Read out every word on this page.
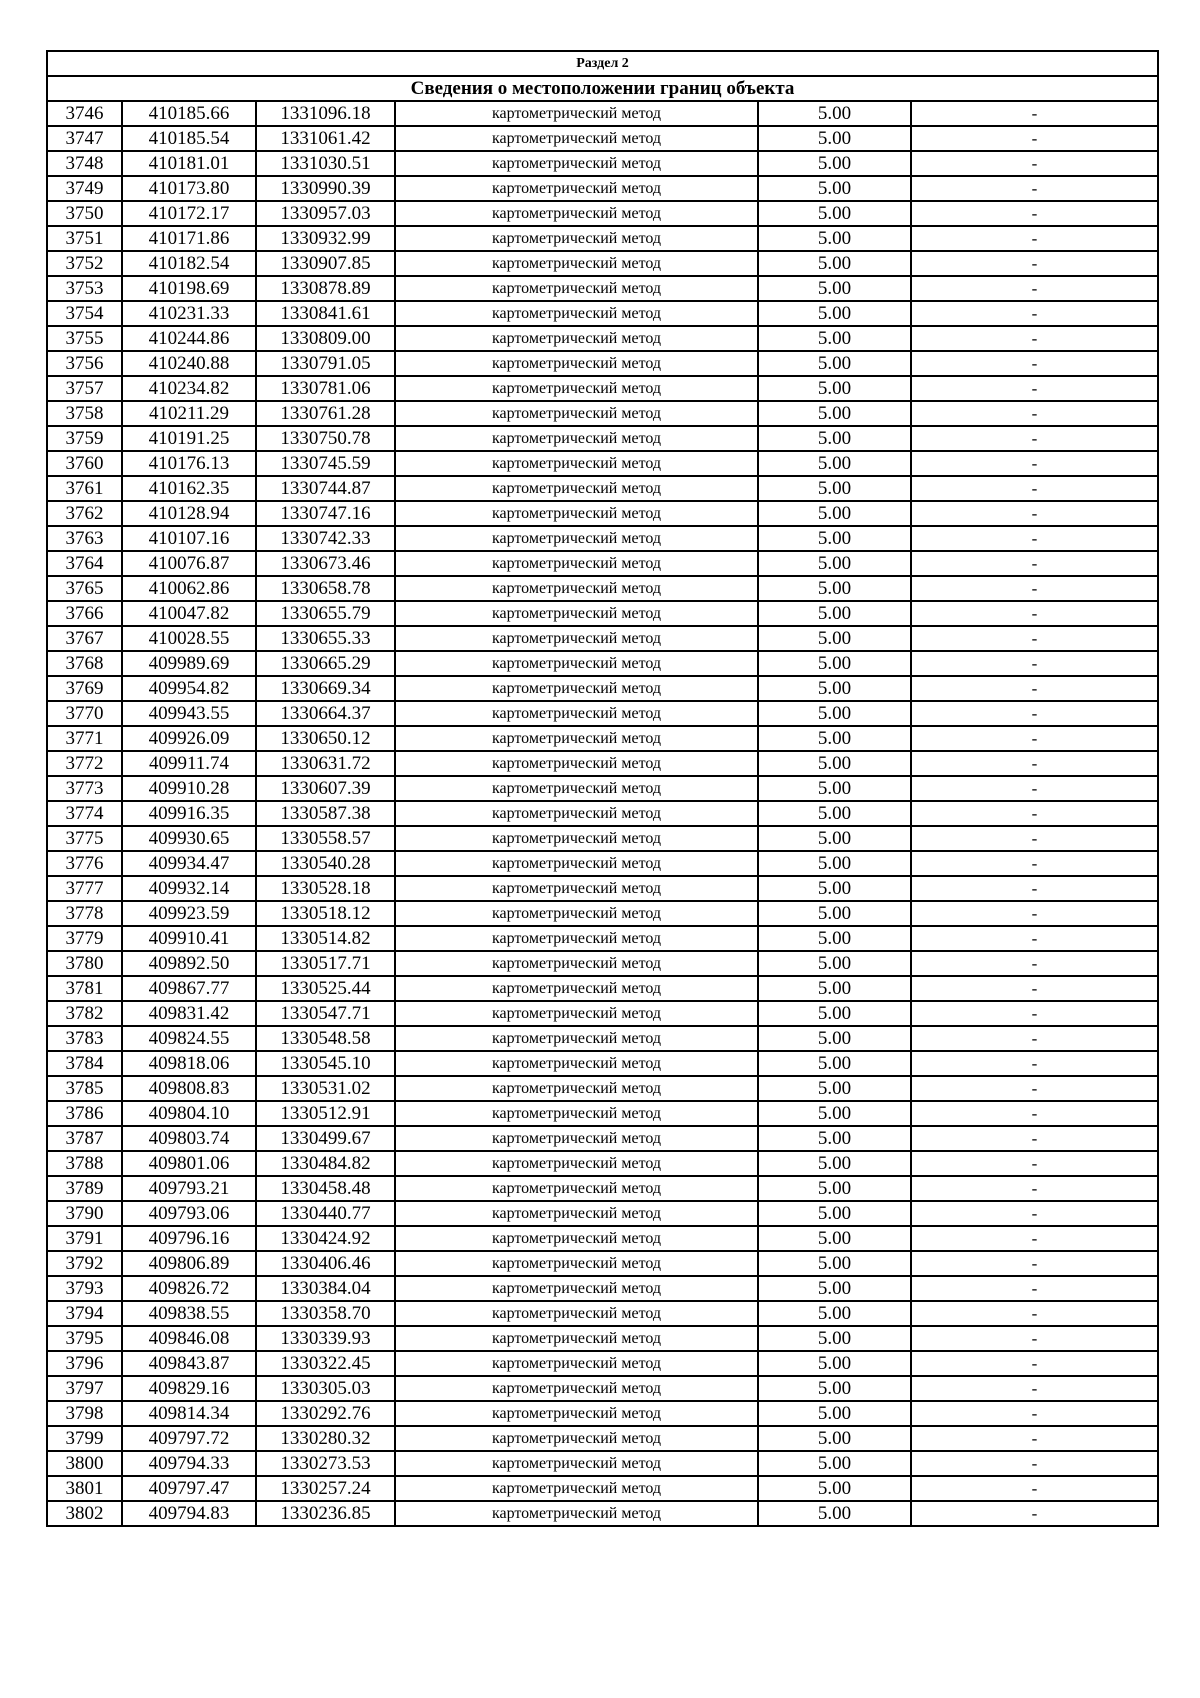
Раздел 2					
Сведения о местоположении границ объекта					
3746	410185.66	1331096.18	картометрический метод	5.00	-
3747	410185.54	1331061.42	картометрический метод	5.00	-
3748	410181.01	1331030.51	картометрический метод	5.00	-
3749	410173.80	1330990.39	картометрический метод	5.00	-
3750	410172.17	1330957.03	картометрический метод	5.00	-
3751	410171.86	1330932.99	картометрический метод	5.00	-
3752	410182.54	1330907.85	картометрический метод	5.00	-
3753	410198.69	1330878.89	картометрический метод	5.00	-
3754	410231.33	1330841.61	картометрический метод	5.00	-
3755	410244.86	1330809.00	картометрический метод	5.00	-
3756	410240.88	1330791.05	картометрический метод	5.00	-
3757	410234.82	1330781.06	картометрический метод	5.00	-
3758	410211.29	1330761.28	картометрический метод	5.00	-
3759	410191.25	1330750.78	картометрический метод	5.00	-
3760	410176.13	1330745.59	картометрический метод	5.00	-
3761	410162.35	1330744.87	картометрический метод	5.00	-
3762	410128.94	1330747.16	картометрический метод	5.00	-
3763	410107.16	1330742.33	картометрический метод	5.00	-
3764	410076.87	1330673.46	картометрический метод	5.00	-
3765	410062.86	1330658.78	картометрический метод	5.00	-
3766	410047.82	1330655.79	картометрический метод	5.00	-
3767	410028.55	1330655.33	картометрический метод	5.00	-
3768	409989.69	1330665.29	картометрический метод	5.00	-
3769	409954.82	1330669.34	картометрический метод	5.00	-
3770	409943.55	1330664.37	картометрический метод	5.00	-
3771	409926.09	1330650.12	картометрический метод	5.00	-
3772	409911.74	1330631.72	картометрический метод	5.00	-
3773	409910.28	1330607.39	картометрический метод	5.00	-
3774	409916.35	1330587.38	картометрический метод	5.00	-
3775	409930.65	1330558.57	картометрический метод	5.00	-
3776	409934.47	1330540.28	картометрический метод	5.00	-
3777	409932.14	1330528.18	картометрический метод	5.00	-
3778	409923.59	1330518.12	картометрический метод	5.00	-
3779	409910.41	1330514.82	картометрический метод	5.00	-
3780	409892.50	1330517.71	картометрический метод	5.00	-
3781	409867.77	1330525.44	картометрический метод	5.00	-
3782	409831.42	1330547.71	картометрический метод	5.00	-
3783	409824.55	1330548.58	картометрический метод	5.00	-
3784	409818.06	1330545.10	картометрический метод	5.00	-
3785	409808.83	1330531.02	картометрический метод	5.00	-
3786	409804.10	1330512.91	картометрический метод	5.00	-
3787	409803.74	1330499.67	картометрический метод	5.00	-
3788	409801.06	1330484.82	картометрический метод	5.00	-
3789	409793.21	1330458.48	картометрический метод	5.00	-
3790	409793.06	1330440.77	картометрический метод	5.00	-
3791	409796.16	1330424.92	картометрический метод	5.00	-
3792	409806.89	1330406.46	картометрический метод	5.00	-
3793	409826.72	1330384.04	картометрический метод	5.00	-
3794	409838.55	1330358.70	картометрический метод	5.00	-
3795	409846.08	1330339.93	картометрический метод	5.00	-
3796	409843.87	1330322.45	картометрический метод	5.00	-
3797	409829.16	1330305.03	картометрический метод	5.00	-
3798	409814.34	1330292.76	картометрический метод	5.00	-
3799	409797.72	1330280.32	картометрический метод	5.00	-
3800	409794.33	1330273.53	картометрический метод	5.00	-
3801	409797.47	1330257.24	картометрический метод	5.00	-
3802	409794.83	1330236.85	картометрический метод	5.00	-
